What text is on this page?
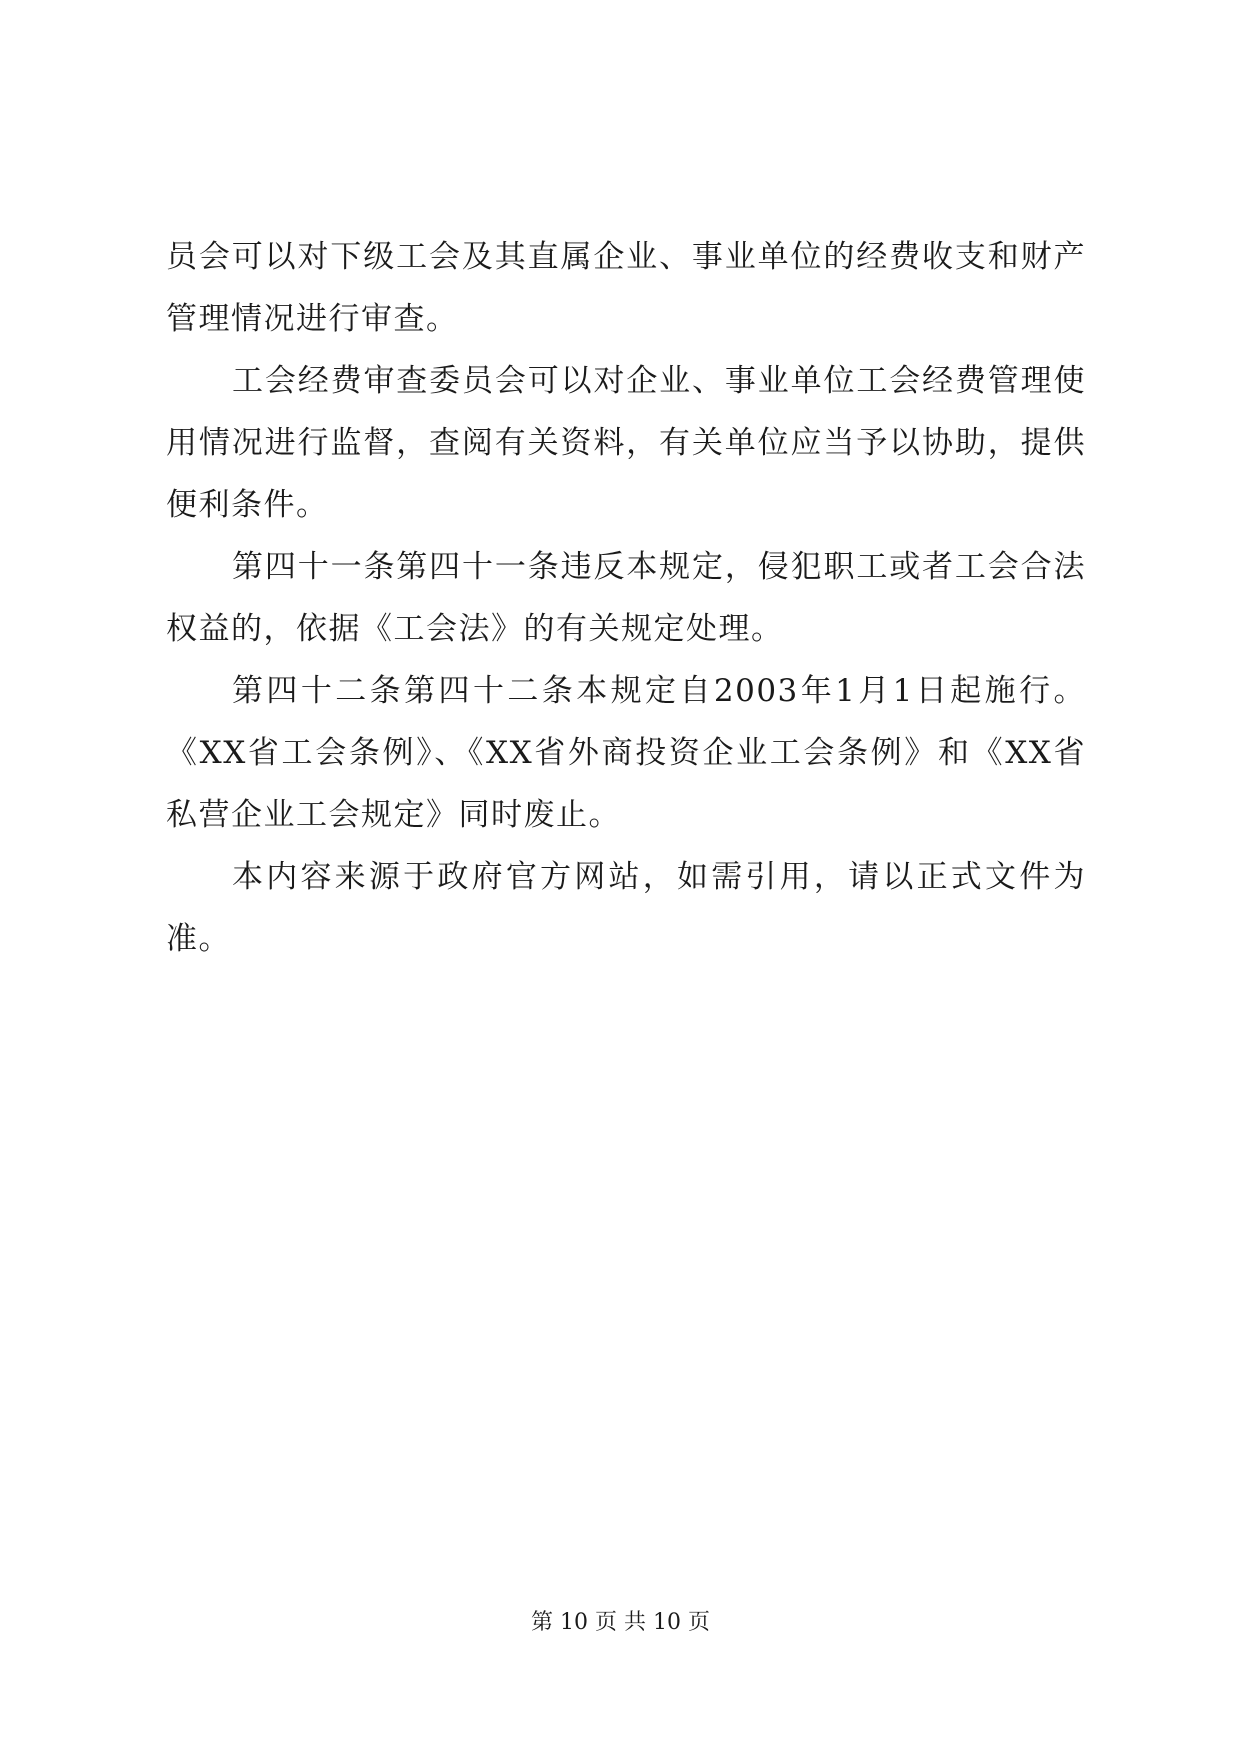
员会可以对下级工会及其直属企业、事业单位的经费收支和财产管理情况进行审查。

工会经费审查委员会可以对企业、事业单位工会经费管理使用情况进行监督，查阅有关资料，有关单位应当予以协助，提供便利条件。

第四十一条第四十一条违反本规定，侵犯职工或者工会合法权益的，依据《工会法》的有关规定处理。

第四十二条第四十二条本规定自2003年1月1日起施行。《XX省工会条例》、《XX省外商投资企业工会条例》和《XX省私营企业工会规定》同时废止。

本内容来源于政府官方网站，如需引用，请以正式文件为准。

第 10 页 共 10 页
